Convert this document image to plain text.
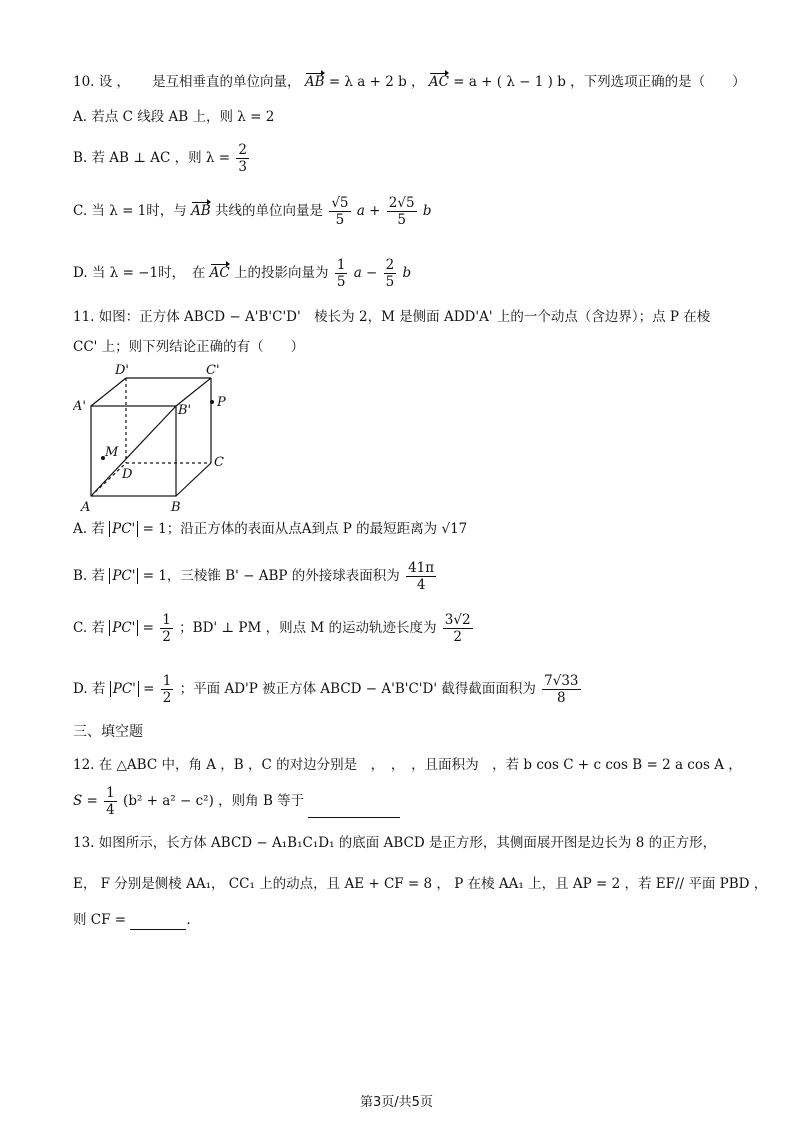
10. 设 ， 是互相垂直的单位向量， AB = λ a + 2 b ， AC = a + ( λ − 1 ) b ，下列选项正确的是（　　）
A. 若点 C 线段 AB 上，则 λ = 2
B. 若 AB ⊥ AC ，则 $\lambda = \frac{2}{3}$
C. 当 λ = 1时，与 AB 共线的单位向量是 $\frac{√5}{5}$ $a + \frac{2√5}{5}$ b
D. 当 λ = −1时，　在 AC 上的投影向量为 $\frac{1}{5}$ $a - \frac{2}{5}$ b
11. 如图：正方体 ABCD − A'B'C'D'　棱长为 2，M 是侧面 ADD'A' 上的一个动点（含边界）；点 P 在棱
CC' 上；则下列结论正确的有（　　）
D'	C'
A'	B'
P
M
D
C
A	B
A. 若 PC' = 1；沿正方体的表面从点A到点 P 的最短距离为 √17
B. 若 PC' = 1，三棱锥 B' − ABP 的外接球表面积为 $\frac{41\pi}{4}$
C. 若 $PC' = \frac{1}{2}$ ；BD' ⊥ PM ，则点 M 的运动轨迹长度为 $\frac{3√2}{2}$
D. 若 $PC' = \frac{1}{2}$ ；平面 AD'P 被正方体 ABCD − A'B'C'D' 截得截面面积为 $\frac{7√33}{8}$
三、填空题
12. 在 △ABC 中，角 A ，B ，C 的对边分别是　，　，　，且面积为　，若 b cos C + c cos B = 2 a cos A ，
$S = \frac{1}{4} (b^2 + a^2 - c^2)$ ，则角 B 等于
13. 如图所示，长方体 ABCD − A₁B₁C₁D₁ 的底面 ABCD 是正方形，其侧面展开图是边长为 8 的正方形，
E， F 分别是侧棱 AA₁， CC₁ 上的动点，且 AE + CF = 8 ， P 在棱 AA₁ 上，且 AP = 2 ，若 EF// 平面 PBD ，
则 CF =	.
第3页/共5页
